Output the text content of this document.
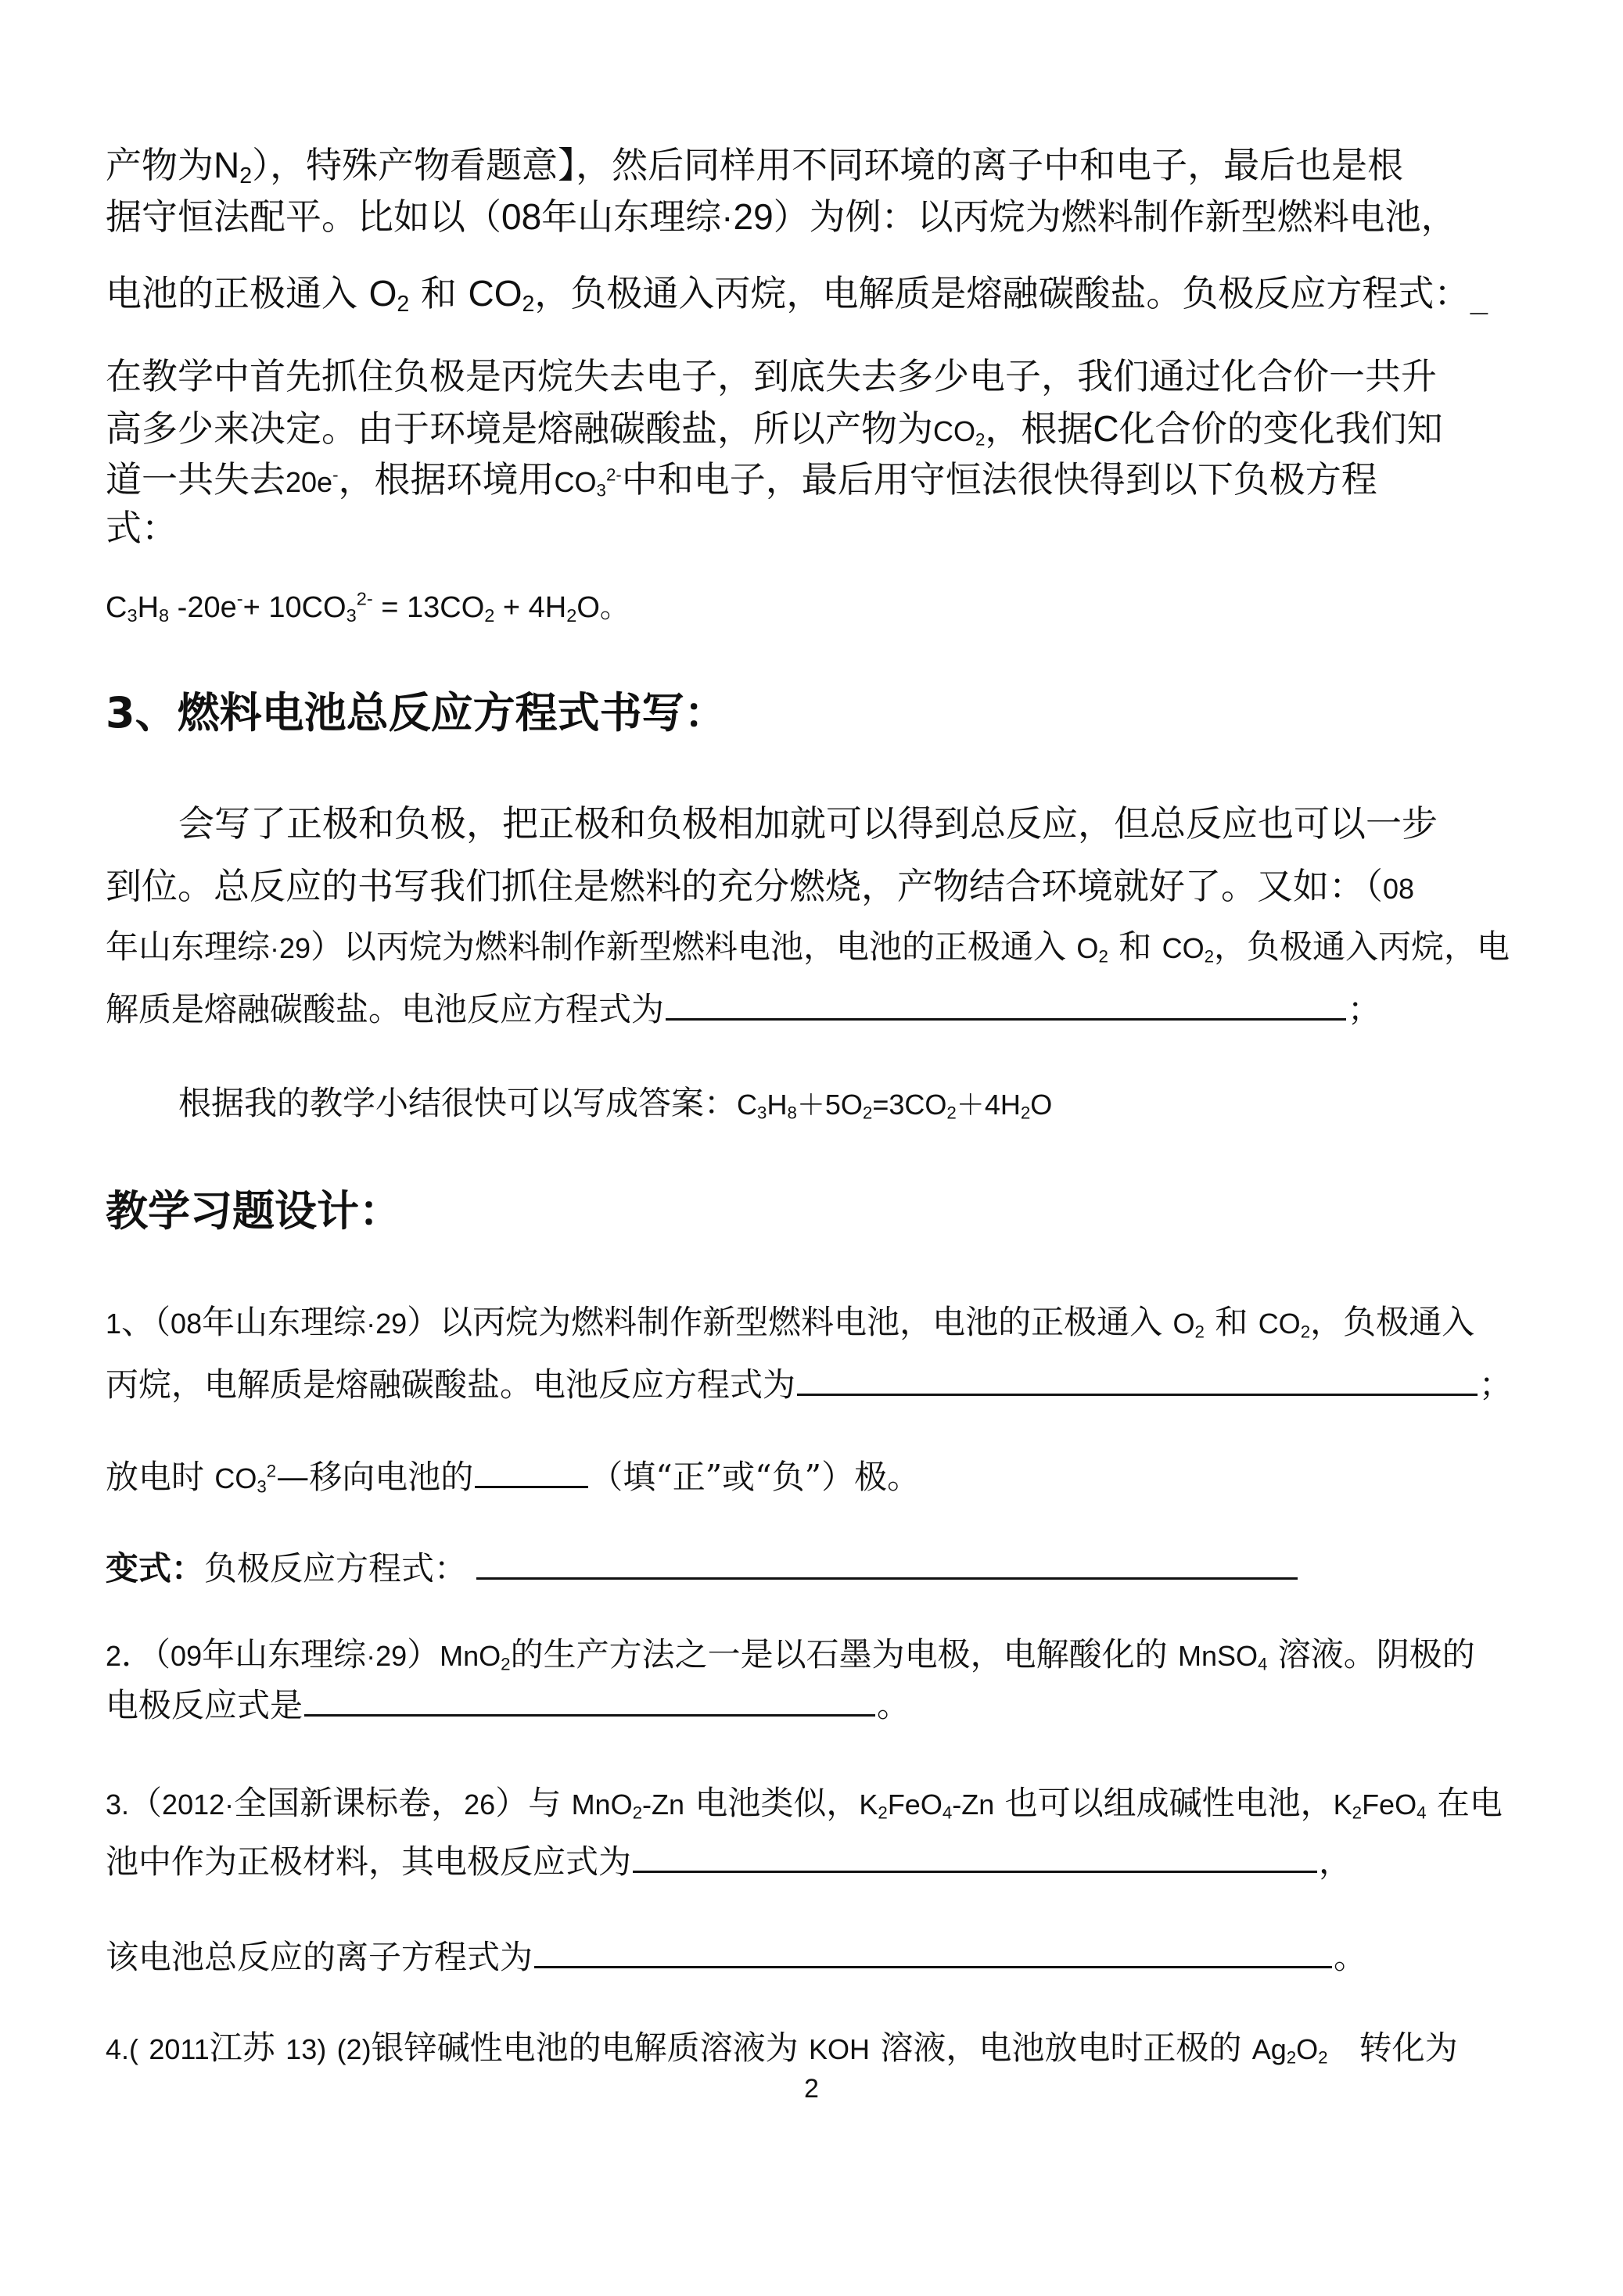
产物为$N_2$），特殊产物看题意】，然后同样用不同环境的离子中和电子，最后也是根
据守恒法配平。比如以（08年山东理综·29）为例：以丙烷为燃料制作新型燃料电池，
电池的正极通入 $O_2$ 和 $CO_2$，负极通入丙烷，电解质是熔融碳酸盐。负极反应方程式：_
在教学中首先抓住负极是丙烷失去电子，到底失去多少电子，我们通过化合价一共升
高多少来决定。由于环境是熔融碳酸盐，所以产物为$CO_2$，根据C化合价的变化我们知
道一共失去20e-，根据环境用$CO_3^{2-}$中和电子，最后用守恒法很快得到以下负极方程
式：
$C_3H_8$ $-20e^-+ 10CO_3^{2-} = 13CO_2 + 4H_2O$。
3、燃料电池总反应方程式书写：
会写了正极和负极，把正极和负极相加就可以得到总反应，但总反应也可以一步
到位。总反应的书写我们抓住是燃料的充分燃烧，产物结合环境就好了。又如：（08
年山东理综·29）以丙烷为燃料制作新型燃料电池，电池的正极通入 $O_2$ 和 $CO_2$，负极通入丙烷，电
解质是熔融碳酸盐。电池反应方程式为	；
根据我的教学小结很快可以写成答案：$C_3H_8+5O_2=3CO_2+4H_2O$
教学习题设计：
1、（08年山东理综·29）以丙烷为燃料制作新型燃料电池，电池的正极通入 $O_2$ 和 $CO_2$，负极通入
丙烷，电解质是熔融碳酸盐。电池反应方程式为	；
放电时 $CO_3^2—$移向电池的	（填“正”或“负”）极。
变式：负极反应方程式：
2．（09年山东理综·29）MnO$_2$的生产方法之一是以石墨为电极，电解酸化的 MnSO$_4$ 溶液。阴极的
电极反应式是	。
3.（2012·全国新课标卷，26）与 MnO$_2$-Zn 电池类似，$K_2FeO_4-Zn$ 也可以组成碱性电池，$K_2FeO_4$ 在电
池中作为正极材料，其电极反应式为	，
该电池总反应的离子方程式为	。
4.( 2011江苏 13) (2)银锌碱性电池的电解质溶液为 KOH 溶液，电池放电时正极的 $Ag_2O_2$ 转化为
2
